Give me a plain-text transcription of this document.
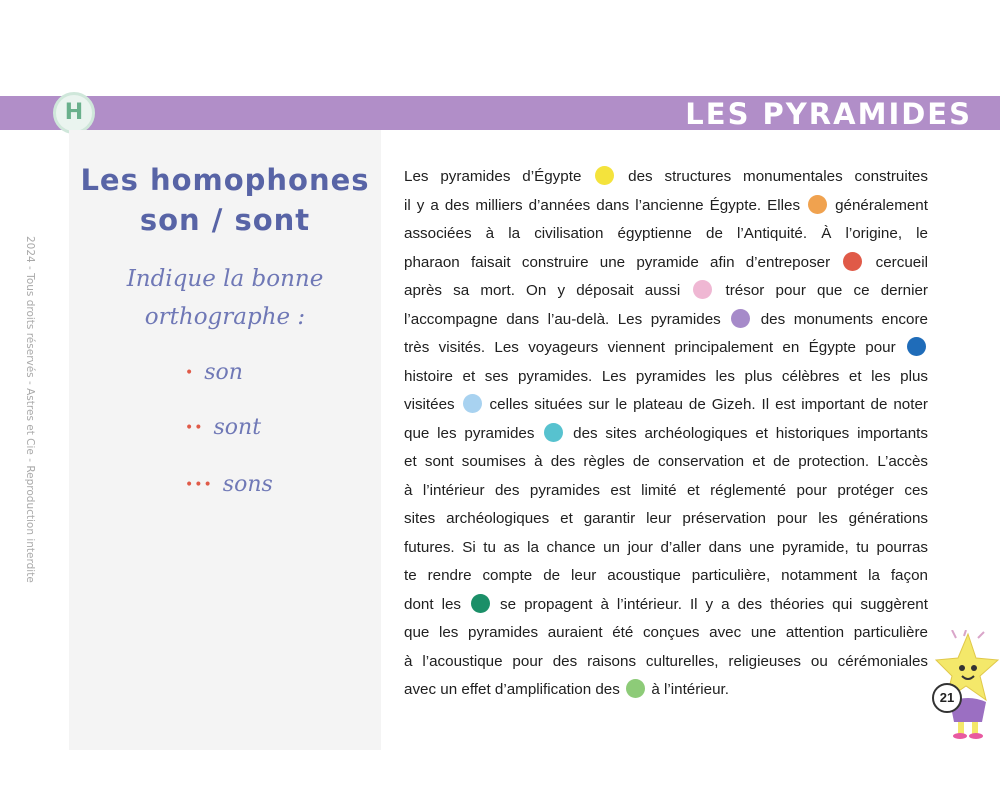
LES PYRAMIDES
H
2024 - Tous droits réservés - Astres et Cie - Reproduction interdite
Les homophones
son / sont
Indique la bonne
orthographe :
• son
•• sont
••• sons
Les pyramides d’Égypte	des structures monumentales construites
il y a des milliers d’années dans l’ancienne Égypte. Elles généralement
associées à la civilisation égyptienne de l’Antiquité. À l’origine, le
pharaon faisait construire une pyramide afin d’entreposer	cercueil
après sa mort. On y déposait aussi	trésor pour que ce dernier
l’accompagne dans l’au-delà. Les pyramides	des monuments encore
très visités. Les voyageurs viennent principalement en Égypte pour
histoire et ses pyramides. Les pyramides les plus célèbres et les plus
visitées celles situées sur le plateau de Gizeh. Il est important de noter
que les pyramides	des sites archéologiques et historiques importants
et sont soumises à des règles de conservation et de protection. L’accès
à l’intérieur des pyramides est limité et réglementé pour protéger ces
sites archéologiques et garantir leur préservation pour les générations
futures. Si tu as la chance un jour d’aller dans une pyramide, tu pourras
te rendre compte de leur acoustique particulière, notamment la façon
dont les	se propagent à l’intérieur. Il y a des théories qui suggèrent
que les pyramides auraient été conçues avec une attention particulière
à l’acoustique pour des raisons culturelles, religieuses ou cérémoniales
avec un effet d’amplification des à l’intérieur.	21
